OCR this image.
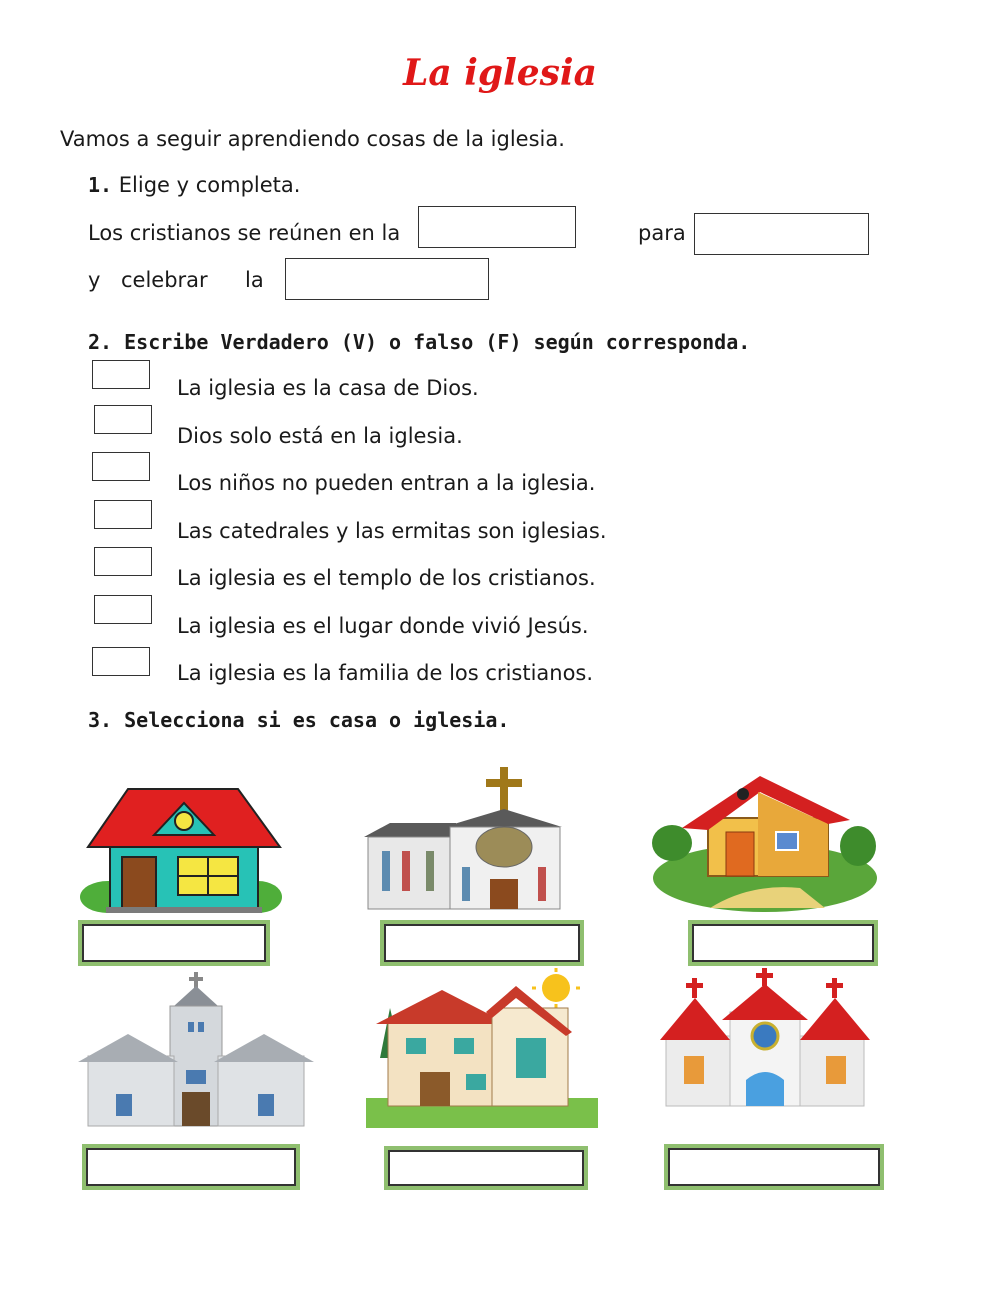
La iglesia
Vamos a seguir aprendiendo cosas de la iglesia.
1. Elige y completa.
Los cristianos se reúnen en la	para
y celebrar la
2. Escribe Verdadero (V) o falso (F) según corresponda.
La iglesia es la casa de Dios.
Dios solo está en la iglesia.
Los niños no pueden entran a la iglesia.
Las catedrales y las ermitas son iglesias.
La iglesia es el templo de los cristianos.
La iglesia es el lugar donde vivió Jesús.
La iglesia es la familia de los cristianos.
3. Selecciona si es casa o iglesia.
